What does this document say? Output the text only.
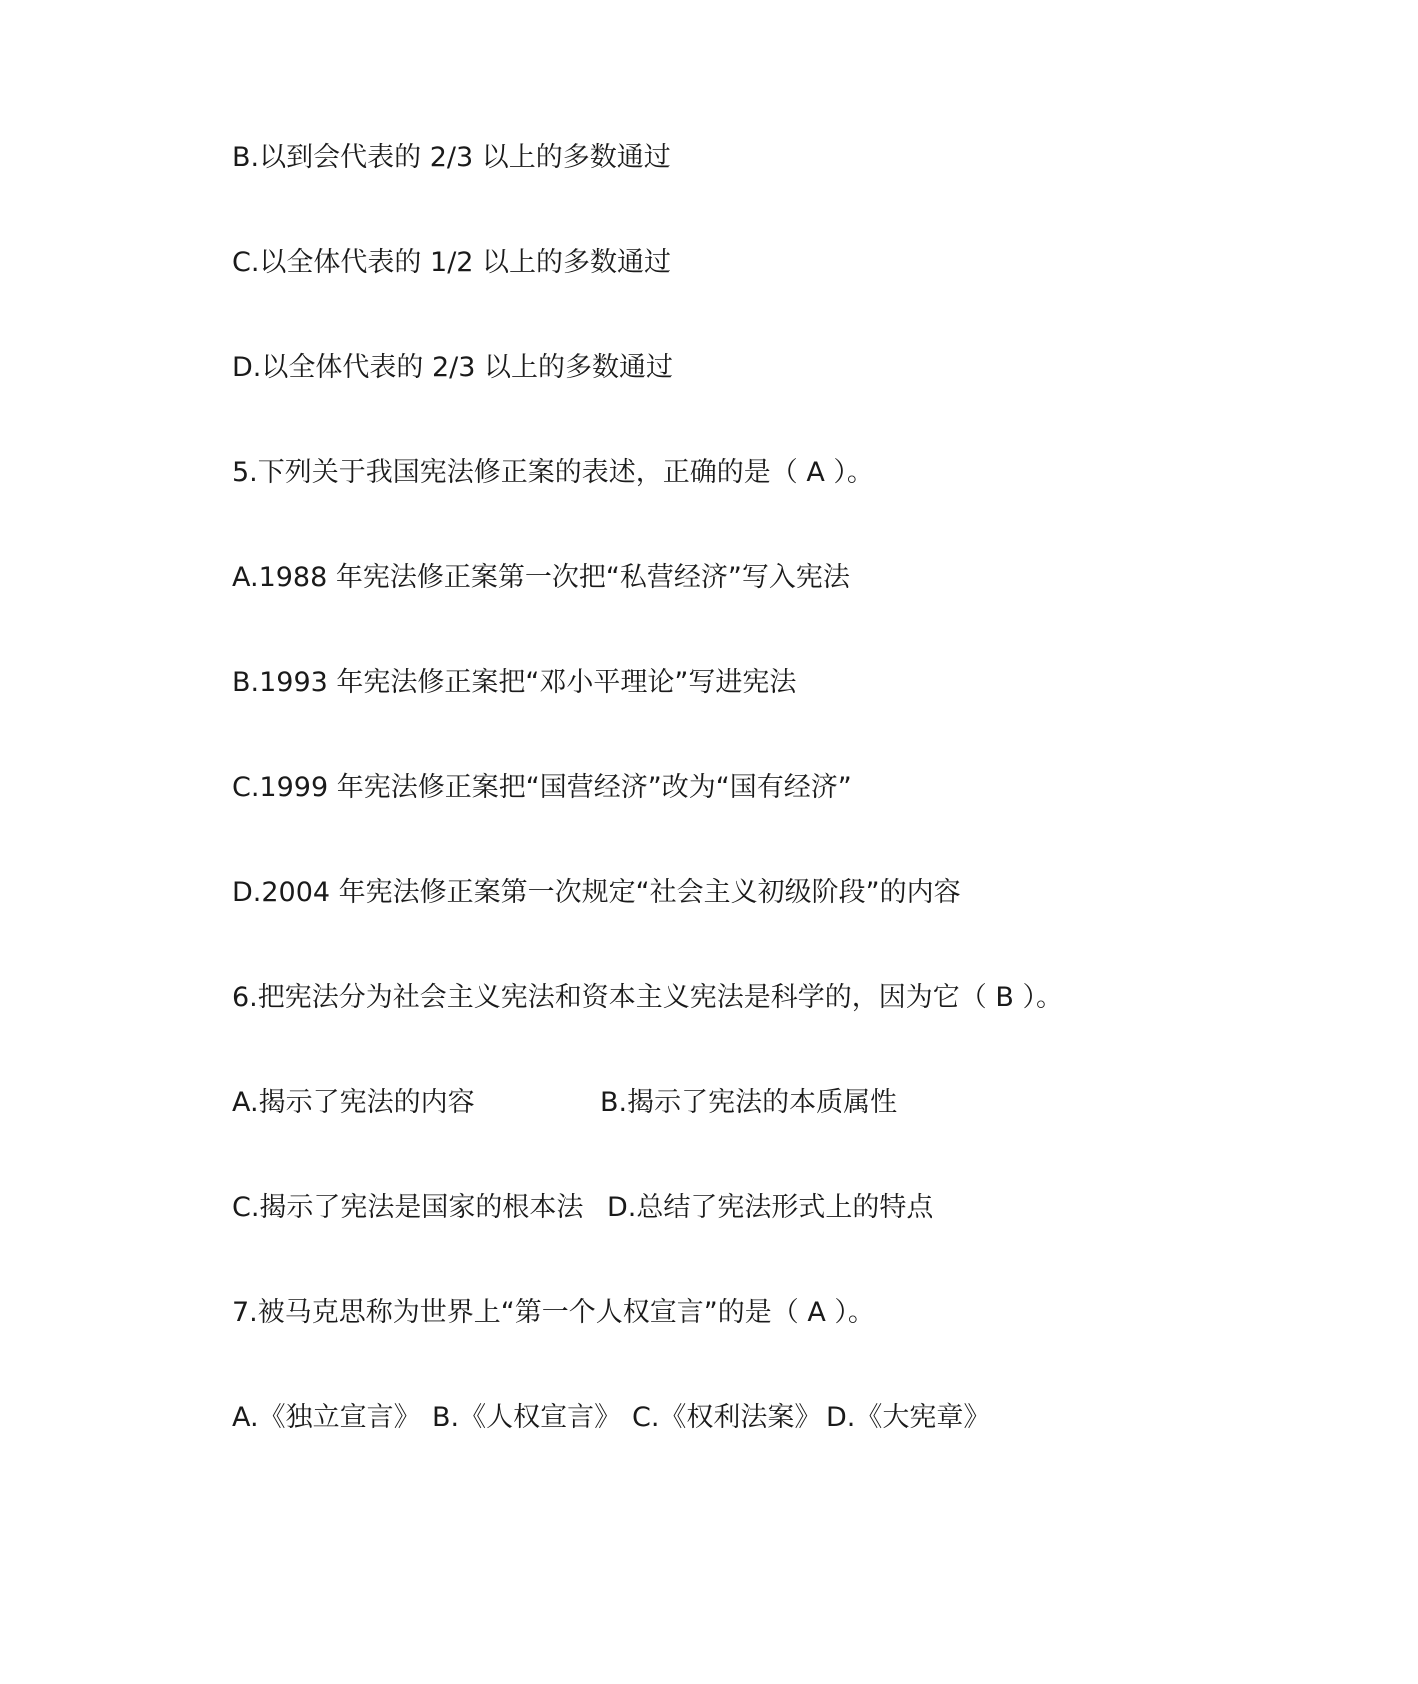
B.以到会代表的 2/3 以上的多数通过
C.以全体代表的 1/2 以上的多数通过
D.以全体代表的 2/3 以上的多数通过
5.下列关于我国宪法修正案的表述，正确的是（ A ）。
A.1988 年宪法修正案第一次把“私营经济”写入宪法
B.1993 年宪法修正案把“邓小平理论”写进宪法
C.1999 年宪法修正案把“国营经济”改为“国有经济”
D.2004 年宪法修正案第一次规定“社会主义初级阶段”的内容
6.把宪法分为社会主义宪法和资本主义宪法是科学的，因为它（ B ）。
A.揭示了宪法的内容	B.揭示了宪法的本质属性
C.揭示了宪法是国家的根本法 D.总结了宪法形式上的特点
7.被马克思称为世界上“第一个人权宣言”的是（ A ）。
A.《独立宣言》 B.《人权宣言》 C.《权利法案》 D.《大宪章》
